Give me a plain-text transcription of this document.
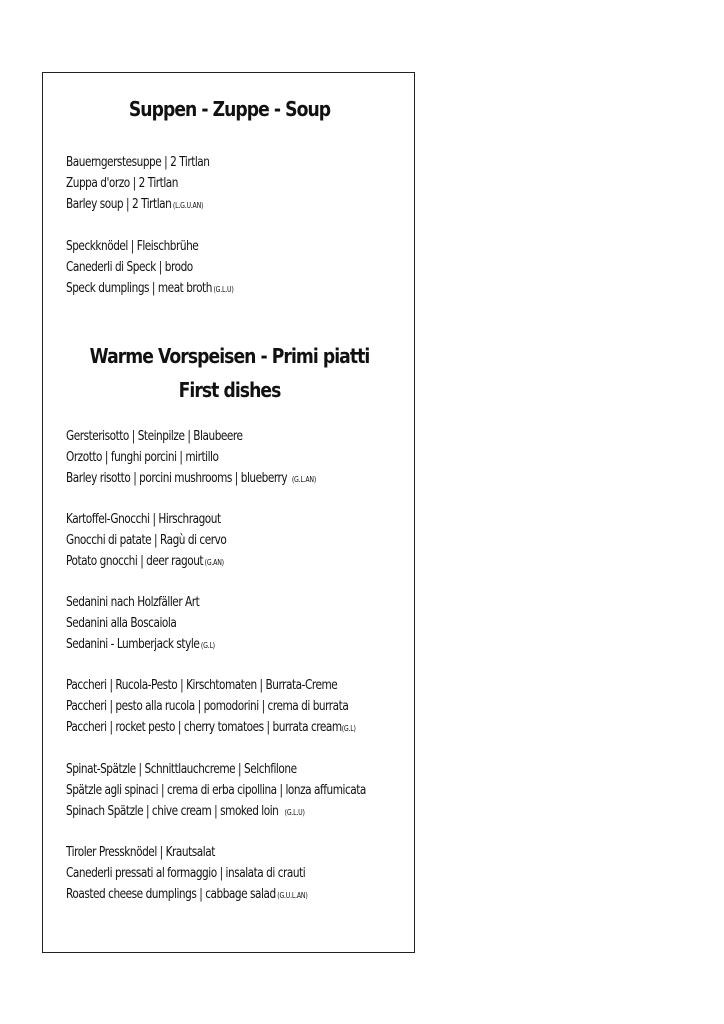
Suppen - Zuppe - Soup
Bauerngerstesuppe | 2 Tirtlan
Zuppa d'orzo | 2 Tirtlan
Barley soup | 2 Tirtlan (L.G.U.AN)
Speckknödel | Fleischbrühe
Canederli di Speck | brodo
Speck dumplings | meat broth (G.L.U)
Warme Vorspeisen - Primi piatti
First dishes
Gersterisotto | Steinpilze | Blaubeere
Orzotto | funghi porcini | mirtillo
Barley risotto | porcini mushrooms | blueberry (G.L.AN)
Kartoffel-Gnocchi | Hirschragout
Gnocchi di patate | Ragù di cervo
Potato gnocchi | deer ragout (G.AN)
Sedanini nach Holzfäller Art
Sedanini alla Boscaiola
Sedanini - Lumberjack style (G.L)
Paccheri | Rucola-Pesto | Kirschtomaten | Burrata-Creme
Paccheri | pesto alla rucola | pomodorini | crema di burrata
Paccheri | rocket pesto | cherry tomatoes | burrata cream(G.L)
Spinat-Spätzle | Schnittlauchcreme | Selchfilone
Spätzle agli spinaci | crema di erba cipollina | lonza affumicata
Spinach Spätzle | chive cream | smoked loin (G.L.U)
Tiroler Pressknödel | Krautsalat
Canederli pressati al formaggio | insalata di crauti
Roasted cheese dumplings | cabbage salad (G.U.L.AN)
